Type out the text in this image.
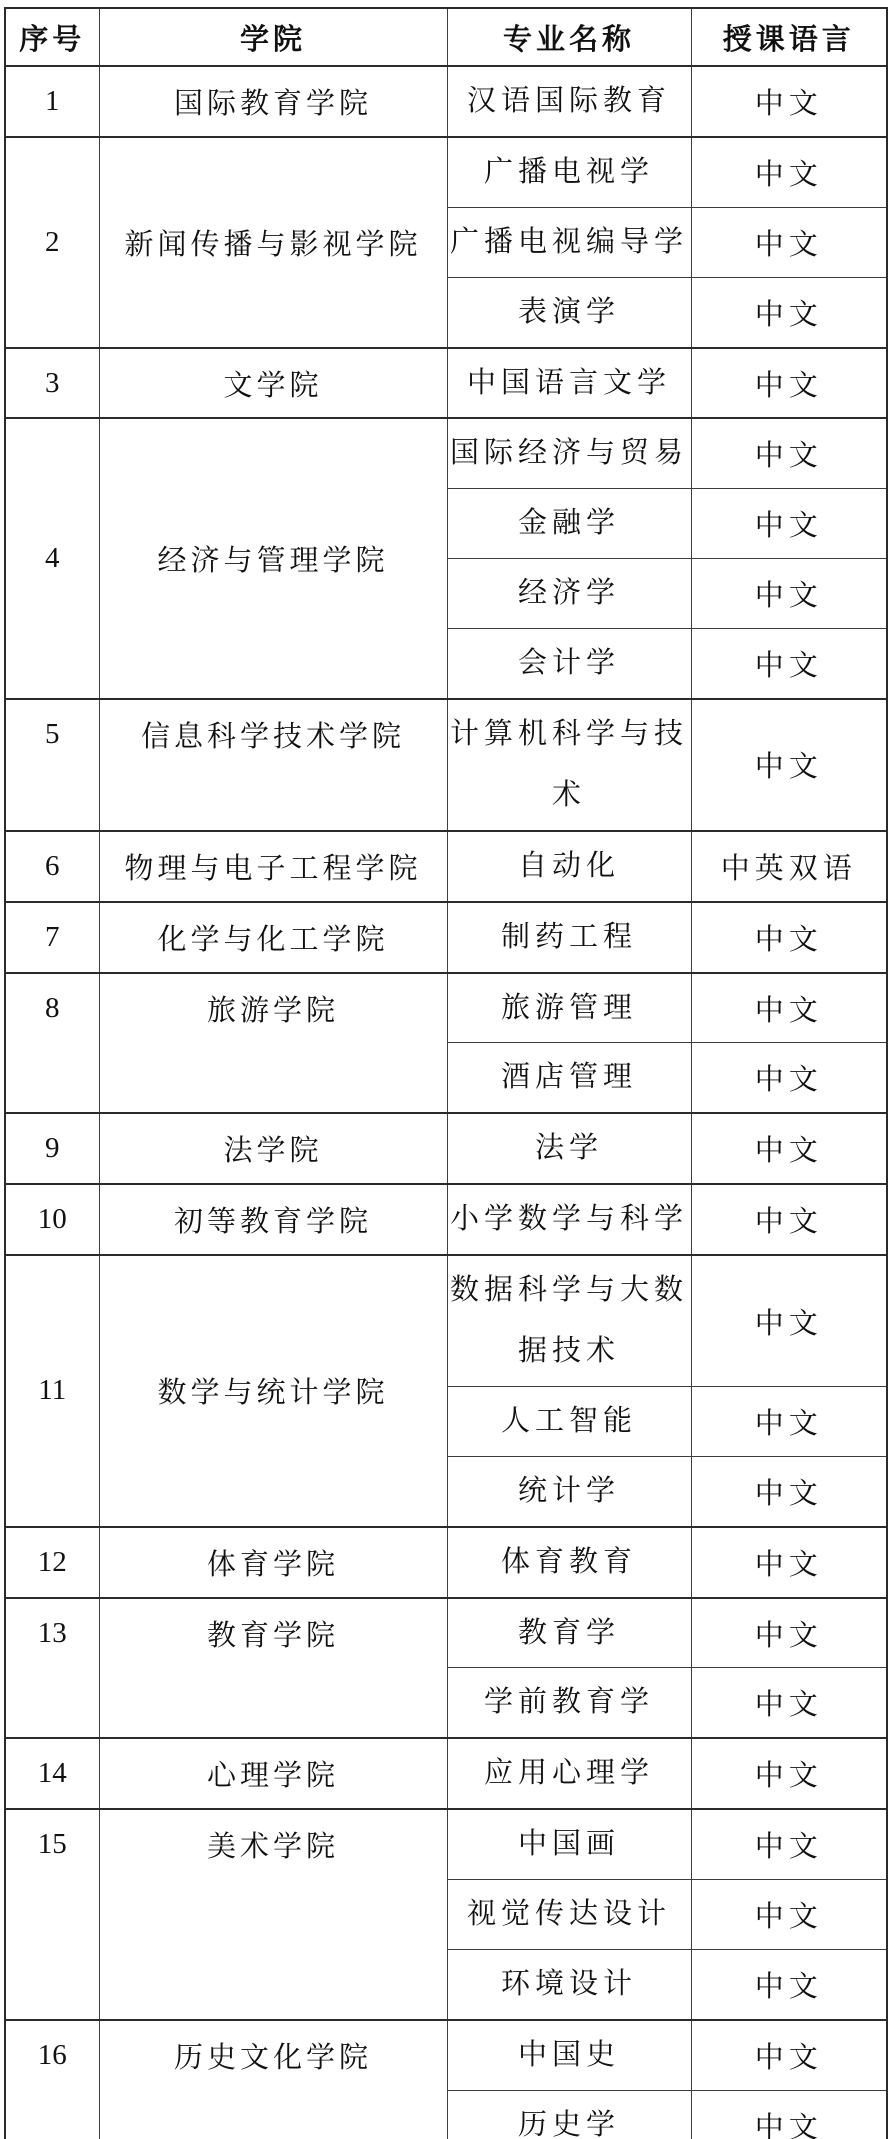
序号	学院	专业名称	授课语言
1	国际教育学院	汉语国际教育	中文
2	新闻传播与影视学院	广播电视学	中文
		广播电视编导学	中文
		表演学	中文
3	文学院	中国语言文学	中文
4	经济与管理学院	国际经济与贸易	中文
		金融学	中文
		经济学	中文
		会计学	中文

5	信息科学技术学院	计算机科学与技术	中文
6	物理与电子工程学院	自动化	中英双语
7	化学与化工学院	制药工程	中文

8	旅游学院	旅游管理	中文
		酒店管理	中文
9	法学院	法学	中文
10	初等教育学院	小学数学与科学	中文
11	数学与统计学院	数据科学与大数据技术	中文
		人工智能	中文
		统计学	中文
12	体育学院	体育教育	中文

13	教育学院	教育学	中文
		学前教育学	中文
14	心理学院	应用心理学	中文

15	美术学院	中国画	中文
		视觉传达设计	中文
		环境设计	中文

16	历史文化学院	中国史	中文
		历史学	中文
